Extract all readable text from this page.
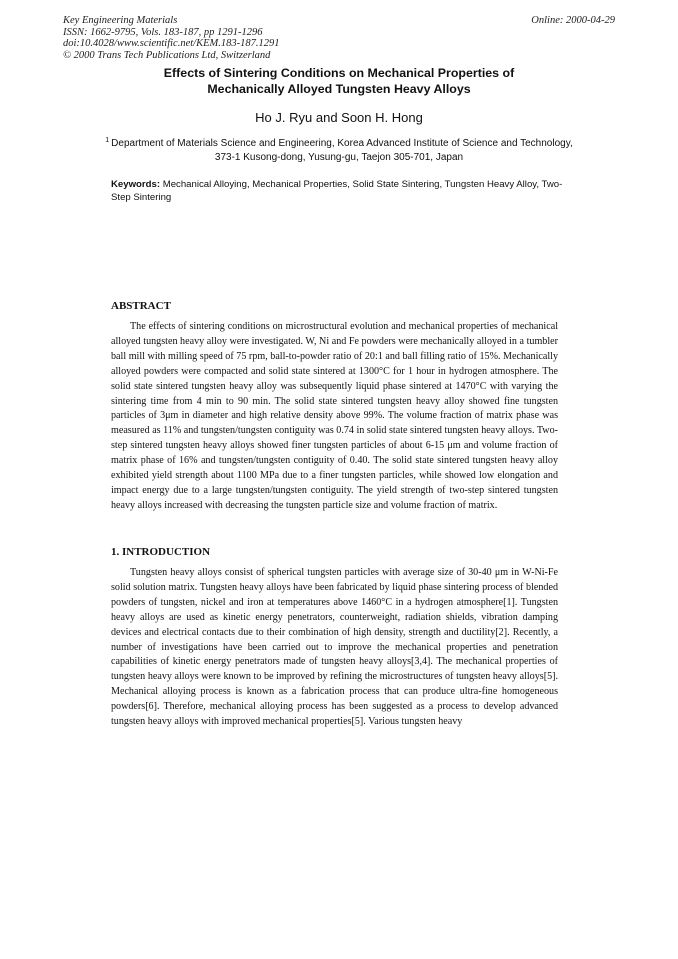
Key Engineering Materials
ISSN: 1662-9795, Vols. 183-187, pp 1291-1296
doi:10.4028/www.scientific.net/KEM.183-187.1291
© 2000 Trans Tech Publications Ltd, Switzerland
Online: 2000-04-29
Effects of Sintering Conditions on Mechanical Properties of
Mechanically Alloyed Tungsten Heavy Alloys
Ho J. Ryu and Soon H. Hong
$^1$ Department of Materials Science and Engineering, Korea Advanced Institute of Science and Technology, 373-1 Kusong-dong, Yusung-gu, Taejon 305-701, Japan
Keywords: Mechanical Alloying, Mechanical Properties, Solid State Sintering, Tungsten Heavy Alloy, Two-Step Sintering
ABSTRACT
The effects of sintering conditions on microstructural evolution and mechanical properties of mechanical alloyed tungsten heavy alloy were investigated. W, Ni and Fe powders were mechanically alloyed in a tumbler ball mill with milling speed of 75 rpm, ball-to-powder ratio of 20:1 and ball filling ratio of 15%. Mechanically alloyed powders were compacted and solid state sintered at 1300°C for 1 hour in hydrogen atmosphere. The solid state sintered tungsten heavy alloy was subsequently liquid phase sintered at 1470°C with varying the sintering time from 4 min to 90 min. The solid state sintered tungsten heavy alloy showed fine tungsten particles of 3μm in diameter and high relative density above 99%. The volume fraction of matrix phase was measured as 11% and tungsten/tungsten contiguity was 0.74 in solid state sintered tungsten heavy alloys. Two-step sintered tungsten heavy alloys showed finer tungsten particles of about 6-15 μm and volume fraction of matrix phase of 16% and tungsten/tungsten contiguity of 0.40. The solid state sintered tungsten heavy alloy exhibited yield strength about 1100 MPa due to a finer tungsten particles, while showed low elongation and impact energy due to a large tungsten/tungsten contiguity. The yield strength of two-step sintered tungsten heavy alloys increased with decreasing the tungsten particle size and volume fraction of matrix.
1. INTRODUCTION
Tungsten heavy alloys consist of spherical tungsten particles with average size of 30-40 μm in W-Ni-Fe solid solution matrix. Tungsten heavy alloys have been fabricated by liquid phase sintering process of blended powders of tungsten, nickel and iron at temperatures above 1460°C in a hydrogen atmosphere[1]. Tungsten heavy alloys are used as kinetic energy penetrators, counterweight, radiation shields, vibration damping devices and electrical contacts due to their combination of high density, strength and ductility[2]. Recently, a number of investigations have been carried out to improve the mechanical properties and penetration capabilities of kinetic energy penetrators made of tungsten heavy alloys[3,4]. The mechanical properties of tungsten heavy alloys were known to be improved by refining the microstructures of tungsten heavy alloys[5]. Mechanical alloying process is known as a fabrication process that can produce ultra-fine homogeneous powders[6]. Therefore, mechanical alloying process has been suggested as a process to develop advanced tungsten heavy alloys with improved mechanical properties[5]. Various tungsten heavy
